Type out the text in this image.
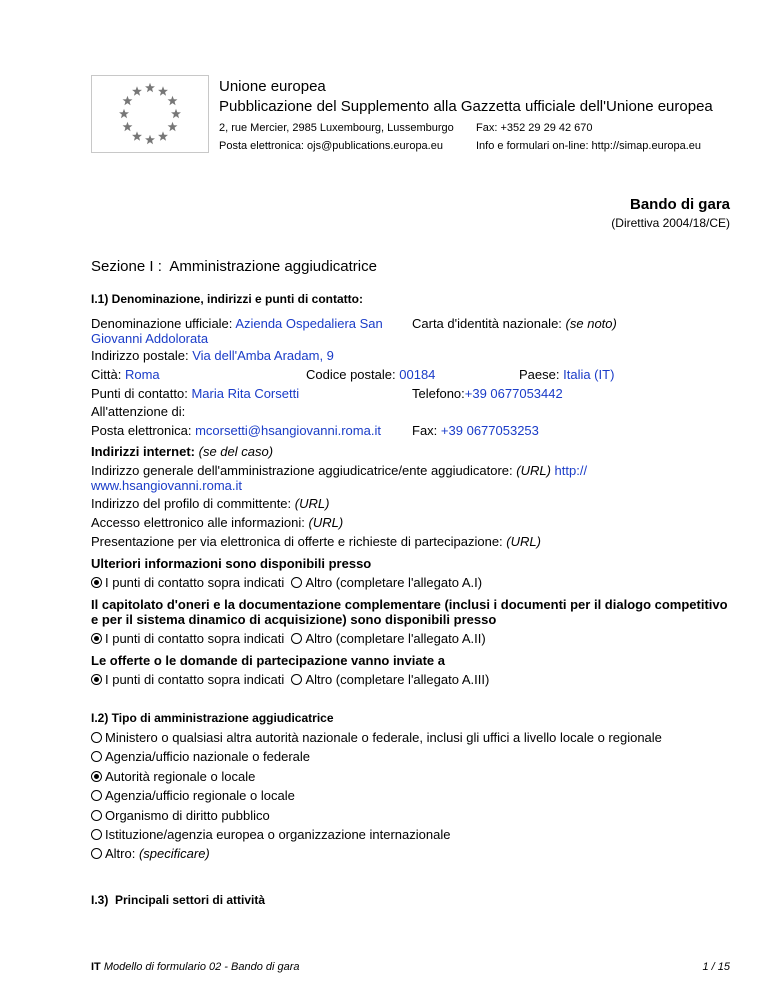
Unione europea
Pubblicazione del Supplemento alla Gazzetta ufficiale dell'Unione europea
2, rue Mercier, 2985 Luxembourg, Lussemburgo Fax: +352 29 29 42 670
Posta elettronica: ojs@publications.europa.eu	Info e formulari on-line: http://simap.europa.eu
Bando di gara
(Direttiva 2004/18/CE)
Sezione I :  Amministrazione aggiudicatrice
I.1) Denominazione, indirizzi e punti di contatto:
Denominazione ufficiale: Azienda Ospedaliera San
Giovanni Addolorata
Carta d'identità nazionale: (se noto)
Indirizzo postale: Via dell'Amba Aradam, 9
Città: Roma	Codice postale: 00184	Paese: Italia (IT)
Punti di contatto: Maria Rita Corsetti	Telefono:+39 0677053442
All'attenzione di:
Posta elettronica: mcorsetti@hsangiovanni.roma.it Fax: +39 0677053253
Indirizzi internet: (se del caso)
Indirizzo generale dell'amministrazione aggiudicatrice/ente aggiudicatore: (URL) http://
www.hsangiovanni.roma.it
Indirizzo del profilo di committente: (URL)
Accesso elettronico alle informazioni: (URL)
Presentazione per via elettronica di offerte e richieste di partecipazione: (URL)
Ulteriori informazioni sono disponibili presso
I punti di contatto sopra indicati Altro (completare l'allegato A.I)
Il capitolato d'oneri e la documentazione complementare (inclusi i documenti per il dialogo competitivo
e per il sistema dinamico di acquisizione) sono disponibili presso
I punti di contatto sopra indicati Altro (completare l'allegato A.II)
Le offerte o le domande di partecipazione vanno inviate a
I punti di contatto sopra indicati Altro (completare l'allegato A.III)
I.2) Tipo di amministrazione aggiudicatrice
Ministero o qualsiasi altra autorità nazionale o federale, inclusi gli uffici a livello locale o regionale
Agenzia/ufficio nazionale o federale
Autorità regionale o locale
Agenzia/ufficio regionale o locale
Organismo di diritto pubblico
Istituzione/agenzia europea o organizzazione internazionale
Altro: (specificare)
I.3)  Principali settori di attività
IT Modello di formulario 02 - Bando di gara	1 / 15
